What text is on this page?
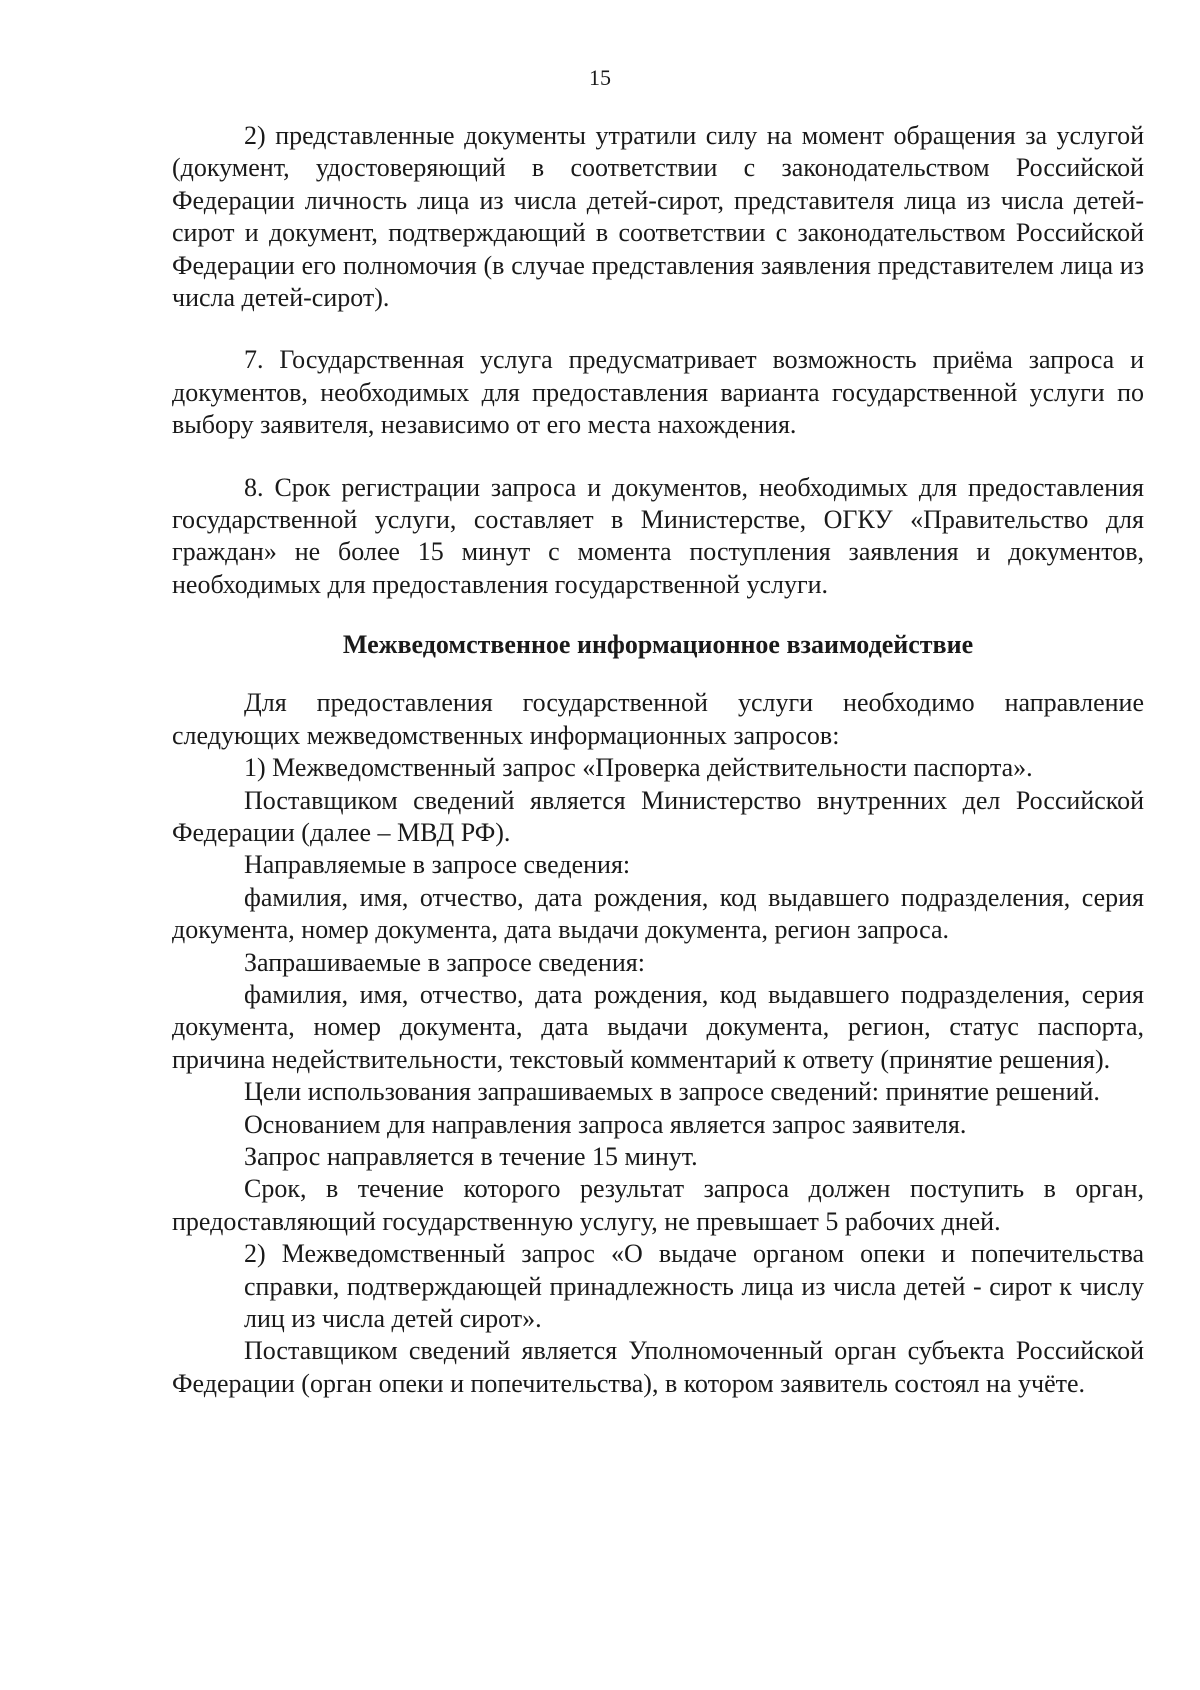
15

2) представленные документы утратили силу на момент обращения за услугой (документ, удостоверяющий в соответствии с законодательством Российской Федерации личность лица из числа детей-сирот, представителя лица из числа детей-сирот и документ, подтверждающий в соответствии с законодательством Российской Федерации его полномочия (в случае представления заявления представителем лица из числа детей-сирот).

7. Государственная услуга предусматривает возможность приёма запроса и документов, необходимых для предоставления варианта государственной услуги по выбору заявителя, независимо от его места нахождения.

8. Срок регистрации запроса и документов, необходимых для предоставления государственной услуги, составляет в Министерстве, ОГКУ «Правительство для граждан» не более 15 минут с момента поступления заявления и документов, необходимых для предоставления государственной услуги.

Межведомственное информационное взаимодействие

Для предоставления государственной услуги необходимо направление следующих межведомственных информационных запросов:

1) Межведомственный запрос «Проверка действительности паспорта».

Поставщиком сведений является Министерство внутренних дел Российской Федерации (далее – МВД РФ).

Направляемые в запросе сведения:

фамилия, имя, отчество, дата рождения, код выдавшего подразделения, серия документа, номер документа, дата выдачи документа, регион запроса.

Запрашиваемые в запросе сведения:

фамилия, имя, отчество, дата рождения, код выдавшего подразделения, серия документа, номер документа, дата выдачи документа, регион, статус паспорта, причина недействительности, текстовый комментарий к ответу (принятие решения).

Цели использования запрашиваемых в запросе сведений: принятие решений.

Основанием для направления запроса является запрос заявителя.

Запрос направляется в течение 15 минут.

Срок, в течение которого результат запроса должен поступить в орган, предоставляющий государственную услугу, не превышает 5 рабочих дней.

2) Межведомственный запрос «О выдаче органом опеки и попечительства справки, подтверждающей принадлежность лица из числа детей - сирот к числу лиц из числа детей сирот».

Поставщиком сведений является Уполномоченный орган субъекта Российской Федерации (орган опеки и попечительства), в котором заявитель состоял на учёте.
